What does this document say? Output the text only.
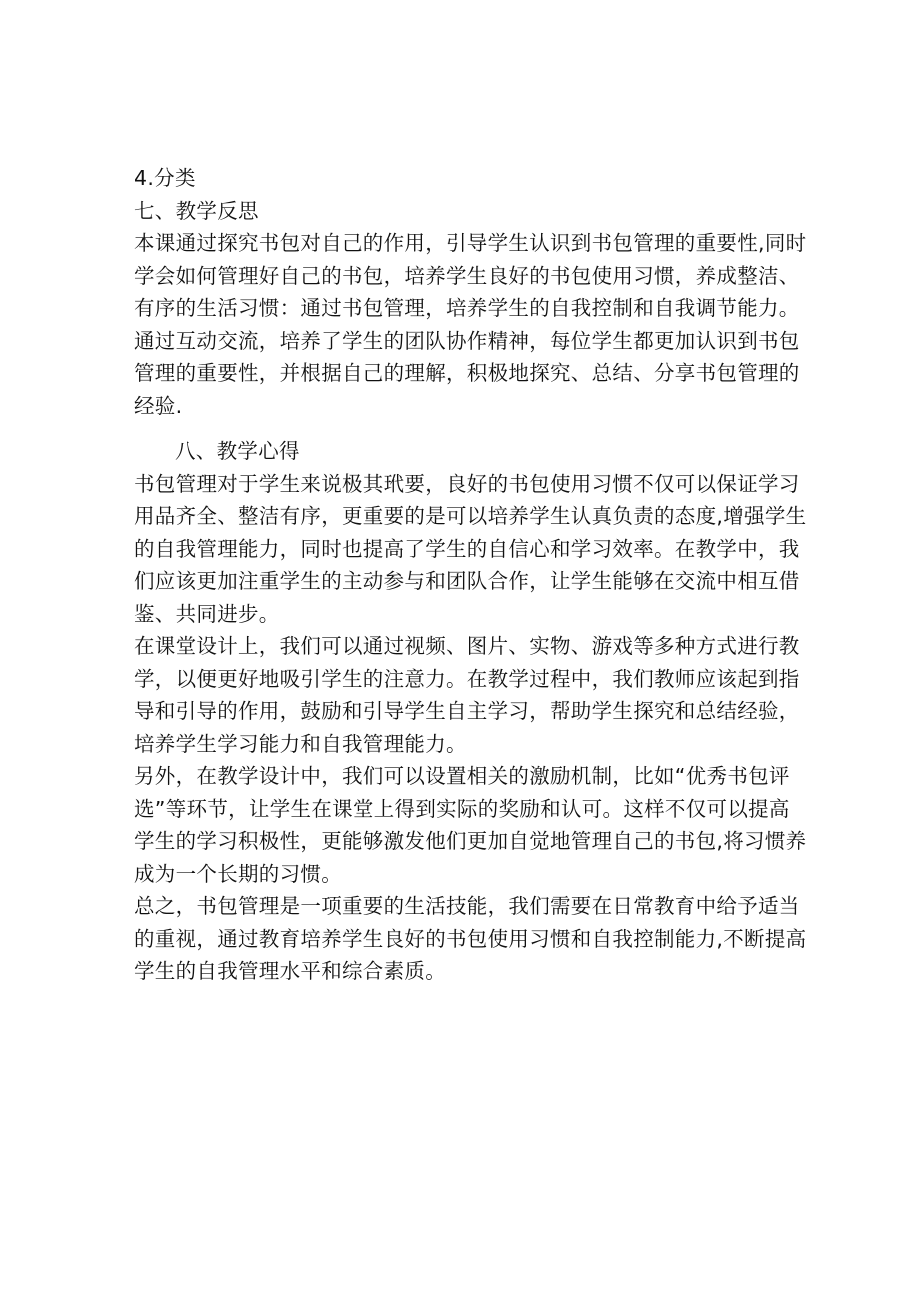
4.分类
七、教学反思
本课通过探究书包对自己的作用，引导学生认识到书包管理的重要性,同时
学会如何管理好自己的书包，培养学生良好的书包使用习惯，养成整洁、
有序的生活习惯：通过书包管理，培养学生的自我控制和自我调节能力。
通过互动交流，培养了学生的团队协作精神，每位学生都更加认识到书包
管理的重要性，并根据自己的理解，积极地探究、总结、分享书包管理的
经验.
八、教学心得
书包管理对于学生来说极其玳要，良好的书包使用习惯不仅可以保证学习
用品齐全、整洁有序，更重要的是可以培养学生认真负责的态度,增强学生
的自我管理能力，同时也提高了学生的自信心和学习效率。在教学中，我
们应该更加注重学生的主动参与和团队合作，让学生能够在交流中相互借
鉴、共同进步。
在课堂设计上，我们可以通过视频、图片、实物、游戏等多种方式进行教
学，以便更好地吸引学生的注意力。在教学过程中，我们教师应该起到指
导和引导的作用，鼓励和引导学生自主学习，帮助学生探究和总结经验，
培养学生学习能力和自我管理能力。
另外，在教学设计中，我们可以设置相关的激励机制，比如“优秀书包评
选”等环节，让学生在课堂上得到实际的奖励和认可。这样不仅可以提高
学生的学习积极性，更能够激发他们更加自觉地管理自己的书包,将习惯养
成为一个长期的习惯。
总之，书包管理是一项重要的生活技能，我们需要在日常教育中给予适当
的重视，通过教育培养学生良好的书包使用习惯和自我控制能力,不断提高
学生的自我管理水平和综合素质。
